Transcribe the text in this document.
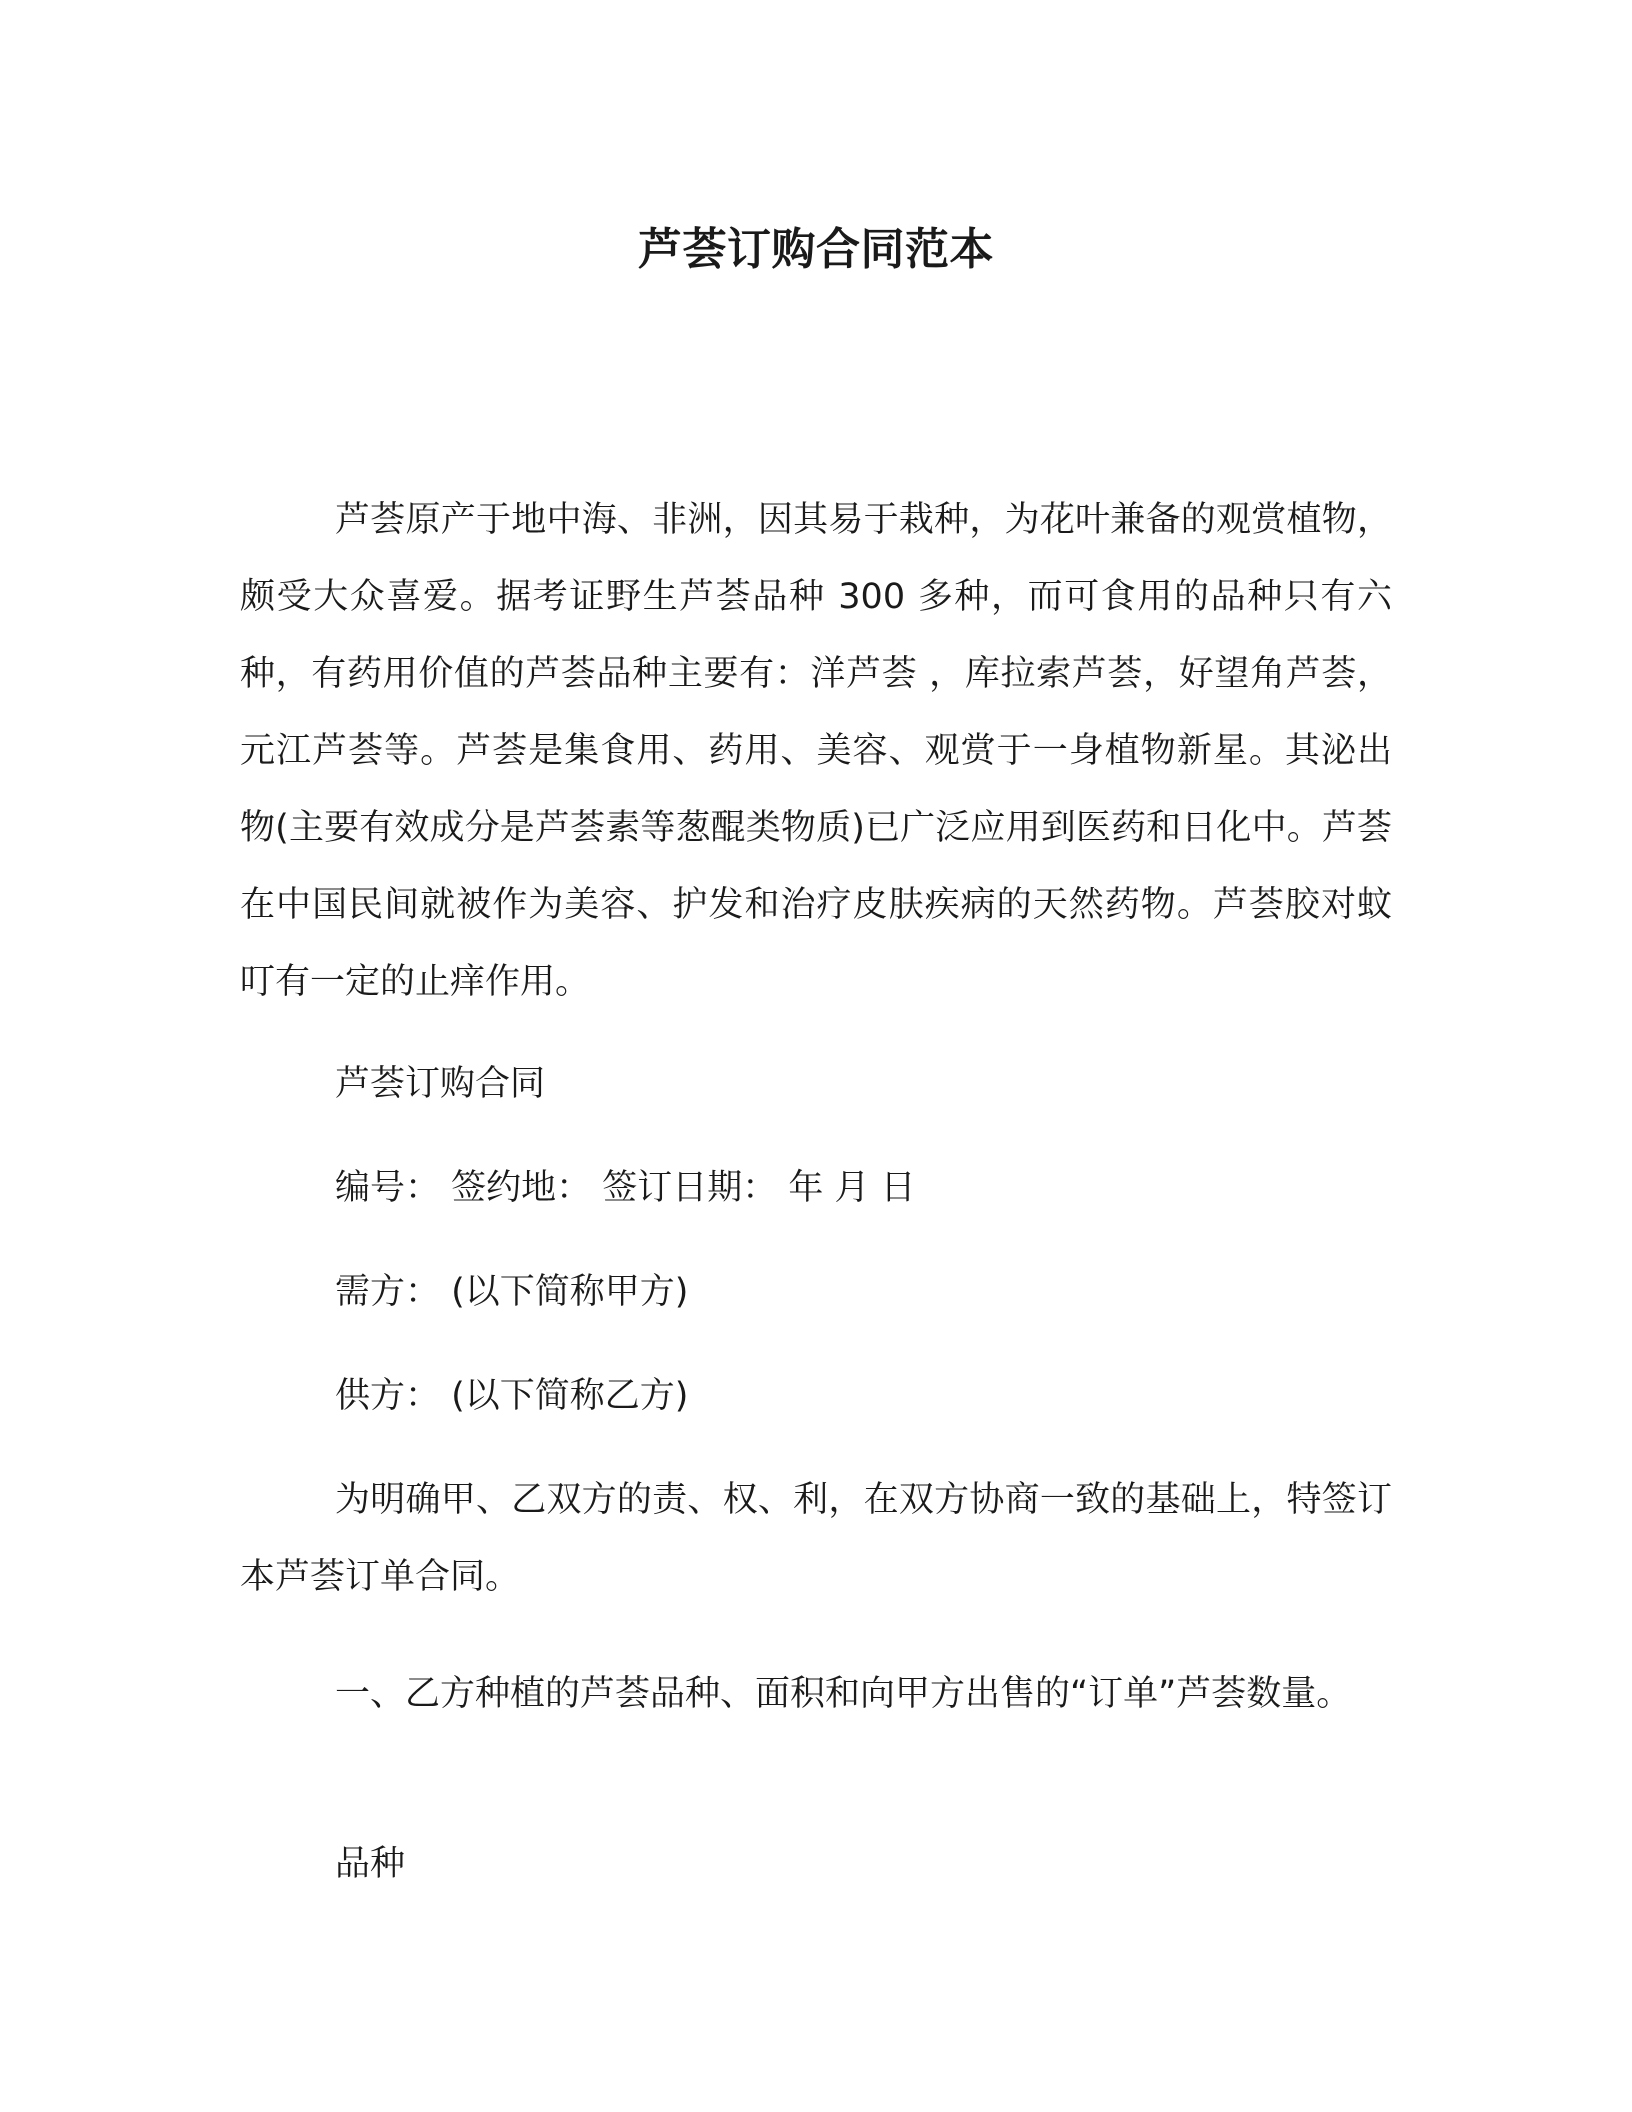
芦荟订购合同范本

芦荟原产于地中海、非洲，因其易于栽种，为花叶兼备的观赏植物，颇受大众喜爱。据考证野生芦荟品种 300 多种，而可食用的品种只有六种，有药用价值的芦荟品种主要有：洋芦荟 ，库拉索芦荟，好望角芦荟，元江芦荟等。芦荟是集食用、药用、美容、观赏于一身植物新星。其泌出物(主要有效成分是芦荟素等葱醌类物质)已广泛应用到医药和日化中。芦荟在中国民间就被作为美容、护发和治疗皮肤疾病的天然药物。芦荟胶对蚊叮有一定的止痒作用。

芦荟订购合同

编号： 签约地： 签订日期： 年 月 日

需方： (以下简称甲方)

供方： (以下简称乙方)

为明确甲、乙双方的责、权、利，在双方协商一致的基础上，特签订本芦荟订单合同。

一、乙方种植的芦荟品种、面积和向甲方出售的“订单”芦荟数量。

品种
